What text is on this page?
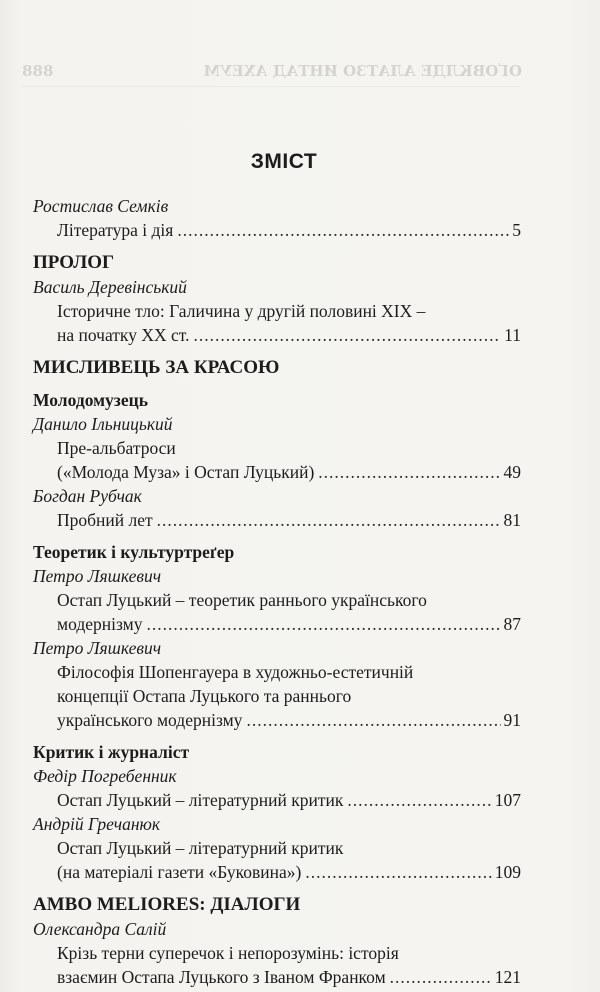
ОҐОВКЛДЕ АЛАТЗО ИНТАД АХЕУМ
888
ЗМІСТ
Ростислав Семків
Література і дія .....	5
ПРОЛОГ
Василь Деревінський
Історичне тло: Галичина у другій половині XIX –
на початку XX ст. .....	11
МИСЛИВЕЦЬ ЗА КРАСОЮ
Молодомузець
Данило Ільницький
Пре-альбатроси
(«Молода Муза» і Остап Луцький) .....	49
Богдан Рубчак
Пробний лет .....	81
Теоретик і культуртреґер
Петро Ляшкевич
Остап Луцький – теоретик раннього українського
модернізму .....	87
Петро Ляшкевич
Філософія Шопенгауера в художньо-естетичній
концепції Остапа Луцького та раннього
українського модернізму .....	91
Критик і журналіст
Федір Погребенник
Остап Луцький – літературний критик .....	107
Андрій Гречанюк
Остап Луцький – літературний критик
(на матеріалі газети «Буковина») .....	109
AMBO MELIORES: ДІАЛОГИ
Олександра Салій
Крізь терни суперечок і непорозумінь: історія
взаємин Остапа Луцького з Іваном Франком .....	121
